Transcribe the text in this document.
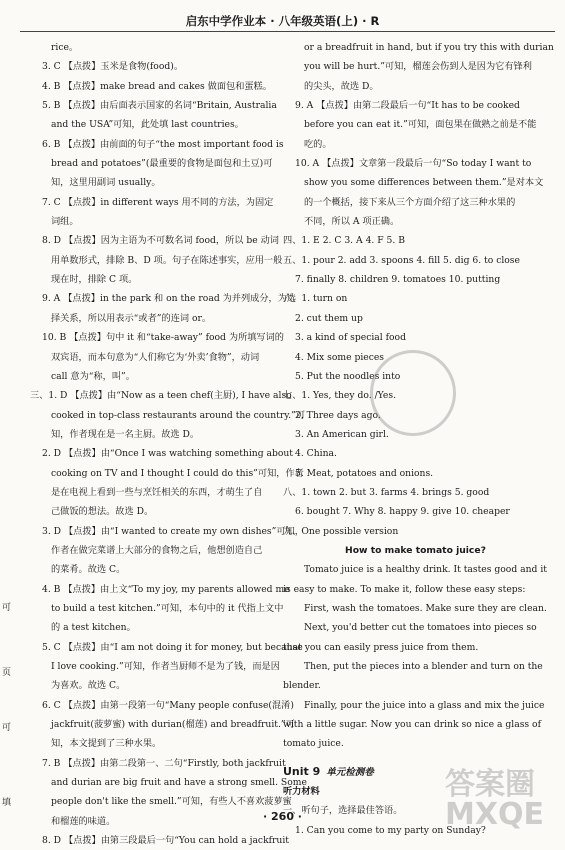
启东中学作业本 · 八年级英语(上) · R
可
页
可
填
rice。
3. C 【点拨】玉米是食物(food)。
4. B 【点拨】make bread and cakes 做面包和蛋糕。
5. B 【点拨】由后面表示国家的名词“Britain, Australia
and the USA”可知，此处填 last countries。
6. B 【点拨】由前面的句子“the most important food is
bread and potatoes”(最重要的食物是面包和土豆)可
知，这里用副词 usually。
7. C 【点拨】in different ways 用不同的方法，为固定
词组。
8. D 【点拨】因为主语为不可数名词 food，所以 be 动词
用单数形式，排除 B、D 项。句子在陈述事实，应用一般
现在时，排除 C 项。
9. A 【点拨】in the park 和 on the road 为并列成分，为选
择关系，所以用表示“或者”的连词 or。
10. B 【点拨】句中 it 和“take-away” food 为所填写词的
双宾语，而本句意为“人们称它为‘外卖’食物”，动词
call 意为“称，叫”。
三、1. D 【点拨】由“Now as a teen chef(主厨), I have also
cooked in top-class restaurants around the country.”可
知，作者现在是一名主厨。故选 D。
2. D 【点拨】由“Once I was watching something about
cooking on TV and I thought I could do this”可知，作者
是在电视上看到一些与烹饪相关的东西，才萌生了自
己做饭的想法。故选 D。
3. D 【点拨】由“I wanted to create my own dishes”可知，
作者在做完菜谱上大部分的食物之后，他想创造自己
的菜肴。故选 C。
4. B 【点拨】由上文“To my joy, my parents allowed me
to build a test kitchen.”可知，本句中的 it 代指上文中
的 a test kitchen。
5. C 【点拨】由“I am not doing it for money, but because
I love cooking.”可知，作者当厨师不是为了钱，而是因
为喜欢。故选 C。
6. C 【点拨】由第一段第一句“Many people confuse(混淆)
jackfruit(菠萝蜜) with durian(榴莲) and breadfruit.”可
知，本文提到了三种水果。
7. B 【点拨】由第二段第一、二句“Firstly, both jackfruit
and durian are big fruit and have a strong smell. Some
people don't like the smell.”可知，有些人不喜欢菠萝蜜
和榴莲的味道。
8. D 【点拨】由第三段最后一句“You can hold a jackfruit
or a breadfruit in hand, but if you try this with durian
you will be hurt.”可知，榴莲会伤到人是因为它有锋利
的尖头，故选 D。
9. A 【点拨】由第二段最后一句“It has to be cooked
before you can eat it.”可知，面包果在做熟之前是不能
吃的。
10. A 【点拨】文章第一段最后一句“So today I want to
show you some differences between them.”是对本文
的一个概括，接下来从三个方面介绍了这三种水果的
不同，所以 A 项正确。
四、1. E 2. C 3. A 4. F 5. B
五、1. pour 2. add 3. spoons 4. fill 5. dig 6. to close
7. finally 8. children 9. tomatoes 10. putting
六、1. turn on
2. cut them up
3. a kind of special food
4. Mix some pieces
5. Put the noodles into
七、1. Yes, they do. /Yes.
2. Three days ago.
3. An American girl.
4. China.
5. Meat, potatoes and onions.
八、1. town 2. but 3. farms 4. brings 5. good
6. bought 7. Why 8. happy 9. give 10. cheaper
九、One possible version
How to make tomato juice?
Tomato juice is a healthy drink. It tastes good and it
is easy to make. To make it, follow these easy steps:
First, wash the tomatoes. Make sure they are clean.
Next, you'd better cut the tomatoes into pieces so
that you can easily press juice from them.
Then, put the pieces into a blender and turn on the
blender.
Finally, pour the juice into a glass and mix the juice
with a little sugar. Now you can drink so nice a glass of
tomato juice.
Unit 9 单元检测卷
听力材料
一、听句子，选择最佳答语。
1. Can you come to my party on Sunday?
答案圈
MXQE
· 260 ·
